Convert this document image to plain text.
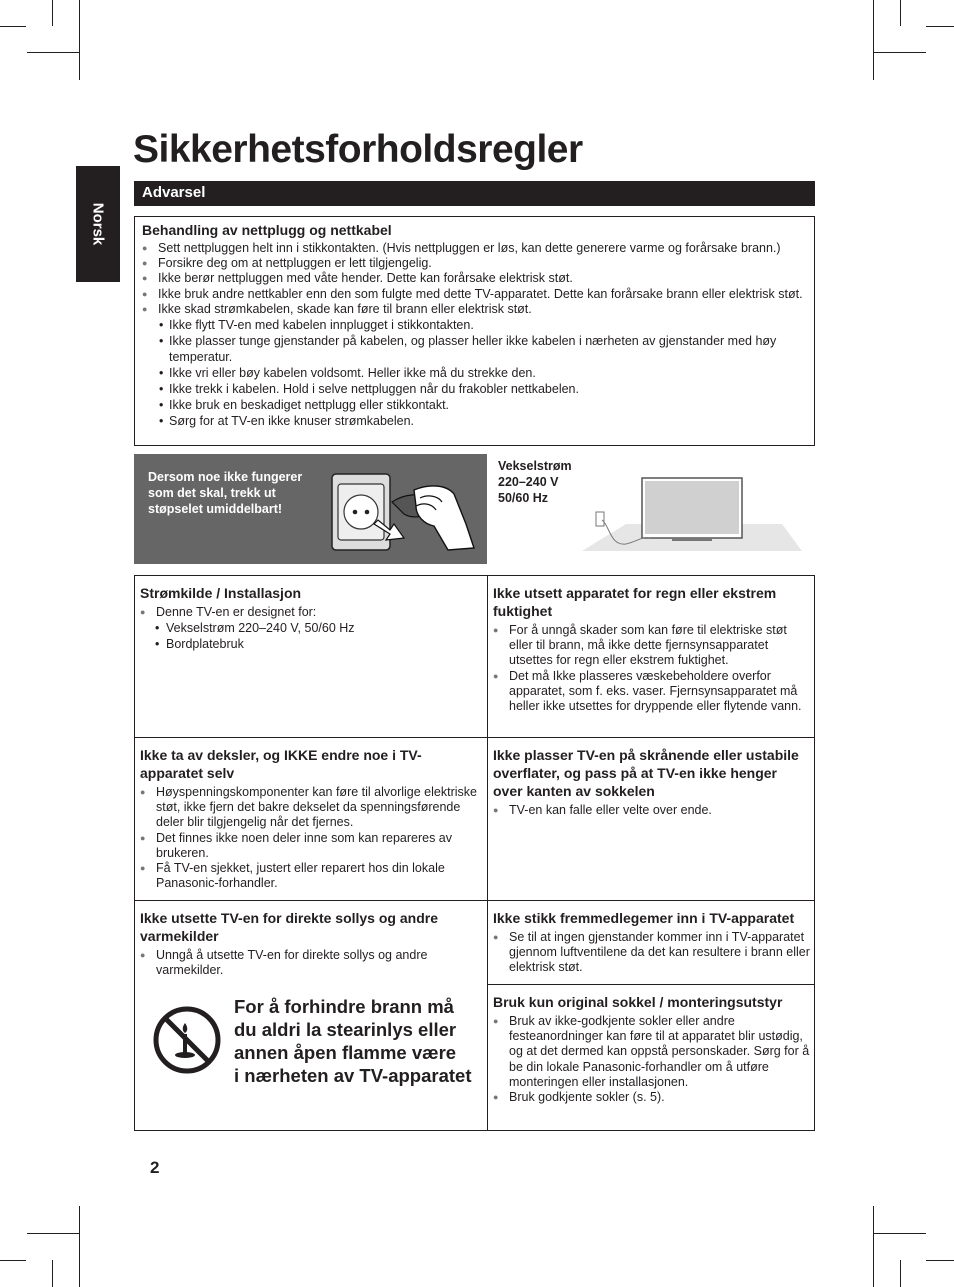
Norsk
Sikkerhetsforholdsregler
Advarsel
Behandling av nettplugg og nettkabel
● Sett nettpluggen helt inn i stikkontakten. (Hvis nettpluggen er løs, kan dette generere varme og forårsake brann.)
● Forsikre deg om at nettpluggen er lett tilgjengelig.
● Ikke berør nettpluggen med våte hender. Dette kan forårsake elektrisk støt.
● Ikke bruk andre nettkabler enn den som fulgte med dette TV-apparatet. Dette kan forårsake brann eller elektrisk støt.
● Ikke skad strømkabelen, skade kan føre til brann eller elektrisk støt.
• Ikke flytt TV-en med kabelen innplugget i stikkontakten.
• Ikke plasser tunge gjenstander på kabelen, og plasser heller ikke kabelen i nærheten av gjenstander med høy temperatur.
• Ikke vri eller bøy kabelen voldsomt. Heller ikke må du strekke den.
• Ikke trekk i kabelen. Hold i selve nettpluggen når du frakobler nettkabelen.
• Ikke bruk en beskadiget nettplugg eller stikkontakt.
• Sørg for at TV-en ikke knuser strømkabelen.
Dersom noe ikke fungerer som det skal, trekk ut støpselet umiddelbart!
Vekselstrøm
220–240 V
50/60 Hz
Strømkilde / Installasjon
● Denne TV-en er designet for:
• Vekselstrøm 220–240 V, 50/60 Hz
• Bordplatebruk
Ikke utsett apparatet for regn eller ekstrem fuktighet
● For å unngå skader som kan føre til elektriske støt eller til brann, må ikke dette fjernsynsapparatet utsettes for regn eller ekstrem fuktighet.
● Det må Ikke plasseres væskebeholdere overfor apparatet, som f. eks. vaser. Fjernsynsapparatet må heller ikke utsettes for dryppende eller flytende vann.
Ikke ta av deksler, og IKKE endre noe i TV-apparatet selv
● Høyspenningskomponenter kan føre til alvorlige elektriske støt, ikke fjern det bakre dekselet da spenningsførende deler blir tilgjengelig når det fjernes.
● Det finnes ikke noen deler inne som kan repareres av brukeren.
● Få TV-en sjekket, justert eller reparert hos din lokale Panasonic-forhandler.
Ikke plasser TV-en på skrånende eller ustabile overflater, og pass på at TV-en ikke henger over kanten av sokkelen
● TV-en kan falle eller velte over ende.
Ikke utsette TV-en for direkte sollys og andre varmekilder
● Unngå å utsette TV-en for direkte sollys og andre varmekilder.
For å forhindre brann må
du aldri la stearinlys eller
annen åpen flamme være
i nærheten av TV-apparatet
Ikke stikk fremmedlegemer inn i TV-apparatet
● Se til at ingen gjenstander kommer inn i TV-apparatet gjennom luftventilene da det kan resultere i brann eller elektrisk støt.
Bruk kun original sokkel / monteringsutstyr
● Bruk av ikke-godkjente sokler eller andre festeanordninger kan føre til at apparatet blir ustødig, og at det dermed kan oppstå personskader. Sørg for å be din lokale Panasonic-forhandler om å utføre monteringen eller installasjonen.
● Bruk godkjente sokler (s. 5).
2
